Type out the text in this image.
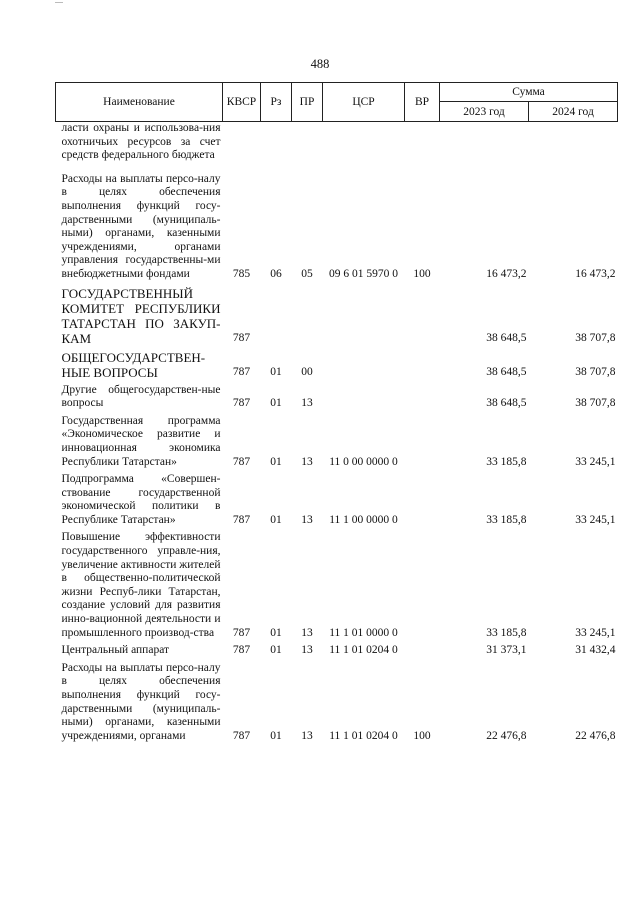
488
Наименование	КВСР	Рз	ПР	ЦСР	ВР	Сумма	
						2023 год	2024 год
ласти охраны и использова-ния охотничьих ресурсов за счет средств федерального бюджета							
Расходы на выплаты персо-налу в целях обеспечения выполнения функций госу-дарственными (муниципаль-ными) органами, казенными учреждениями, органами управления государственны-ми внебюджетными фондами	785	06	05	09 6 01 5970 0	100	16 473,2	16 473,2
ГОСУДАРСТВЕННЫЙ КОМИТЕТ РЕСПУБЛИКИ ТАТАРСТАН ПО ЗАКУП-КАМ	787					38 648,5	38 707,8
ОБЩЕГОСУДАРСТВЕН-НЫЕ ВОПРОСЫ	787	01	00			38 648,5	38 707,8
Другие общегосударствен-ные вопросы	787	01	13			38 648,5	38 707,8
Государственная программа «Экономическое развитие и инновационная экономика Республики Татарстан»	787	01	13	11 0 00 0000 0		33 185,8	33 245,1
Подпрограмма «Совершен-ствование государственной экономической политики в Республике Татарстан»	787	01	13	11 1 00 0000 0		33 185,8	33 245,1
Повышение эффективности государственного управле-ния, увеличение активности жителей в общественно-политической жизни Респуб-лики Татарстан, создание условий для развития инно-вационной деятельности и промышленного производ-ства	787	01	13	11 1 01 0000 0		33 185,8	33 245,1
Центральный аппарат	787	01	13	11 1 01 0204 0		31 373,1	31 432,4
Расходы на выплаты персо-налу в целях обеспечения выполнения функций госу-дарственными (муниципаль-ными) органами, казенными учреждениями, органами	787	01	13	11 1 01 0204 0	100	22 476,8	22 476,8
